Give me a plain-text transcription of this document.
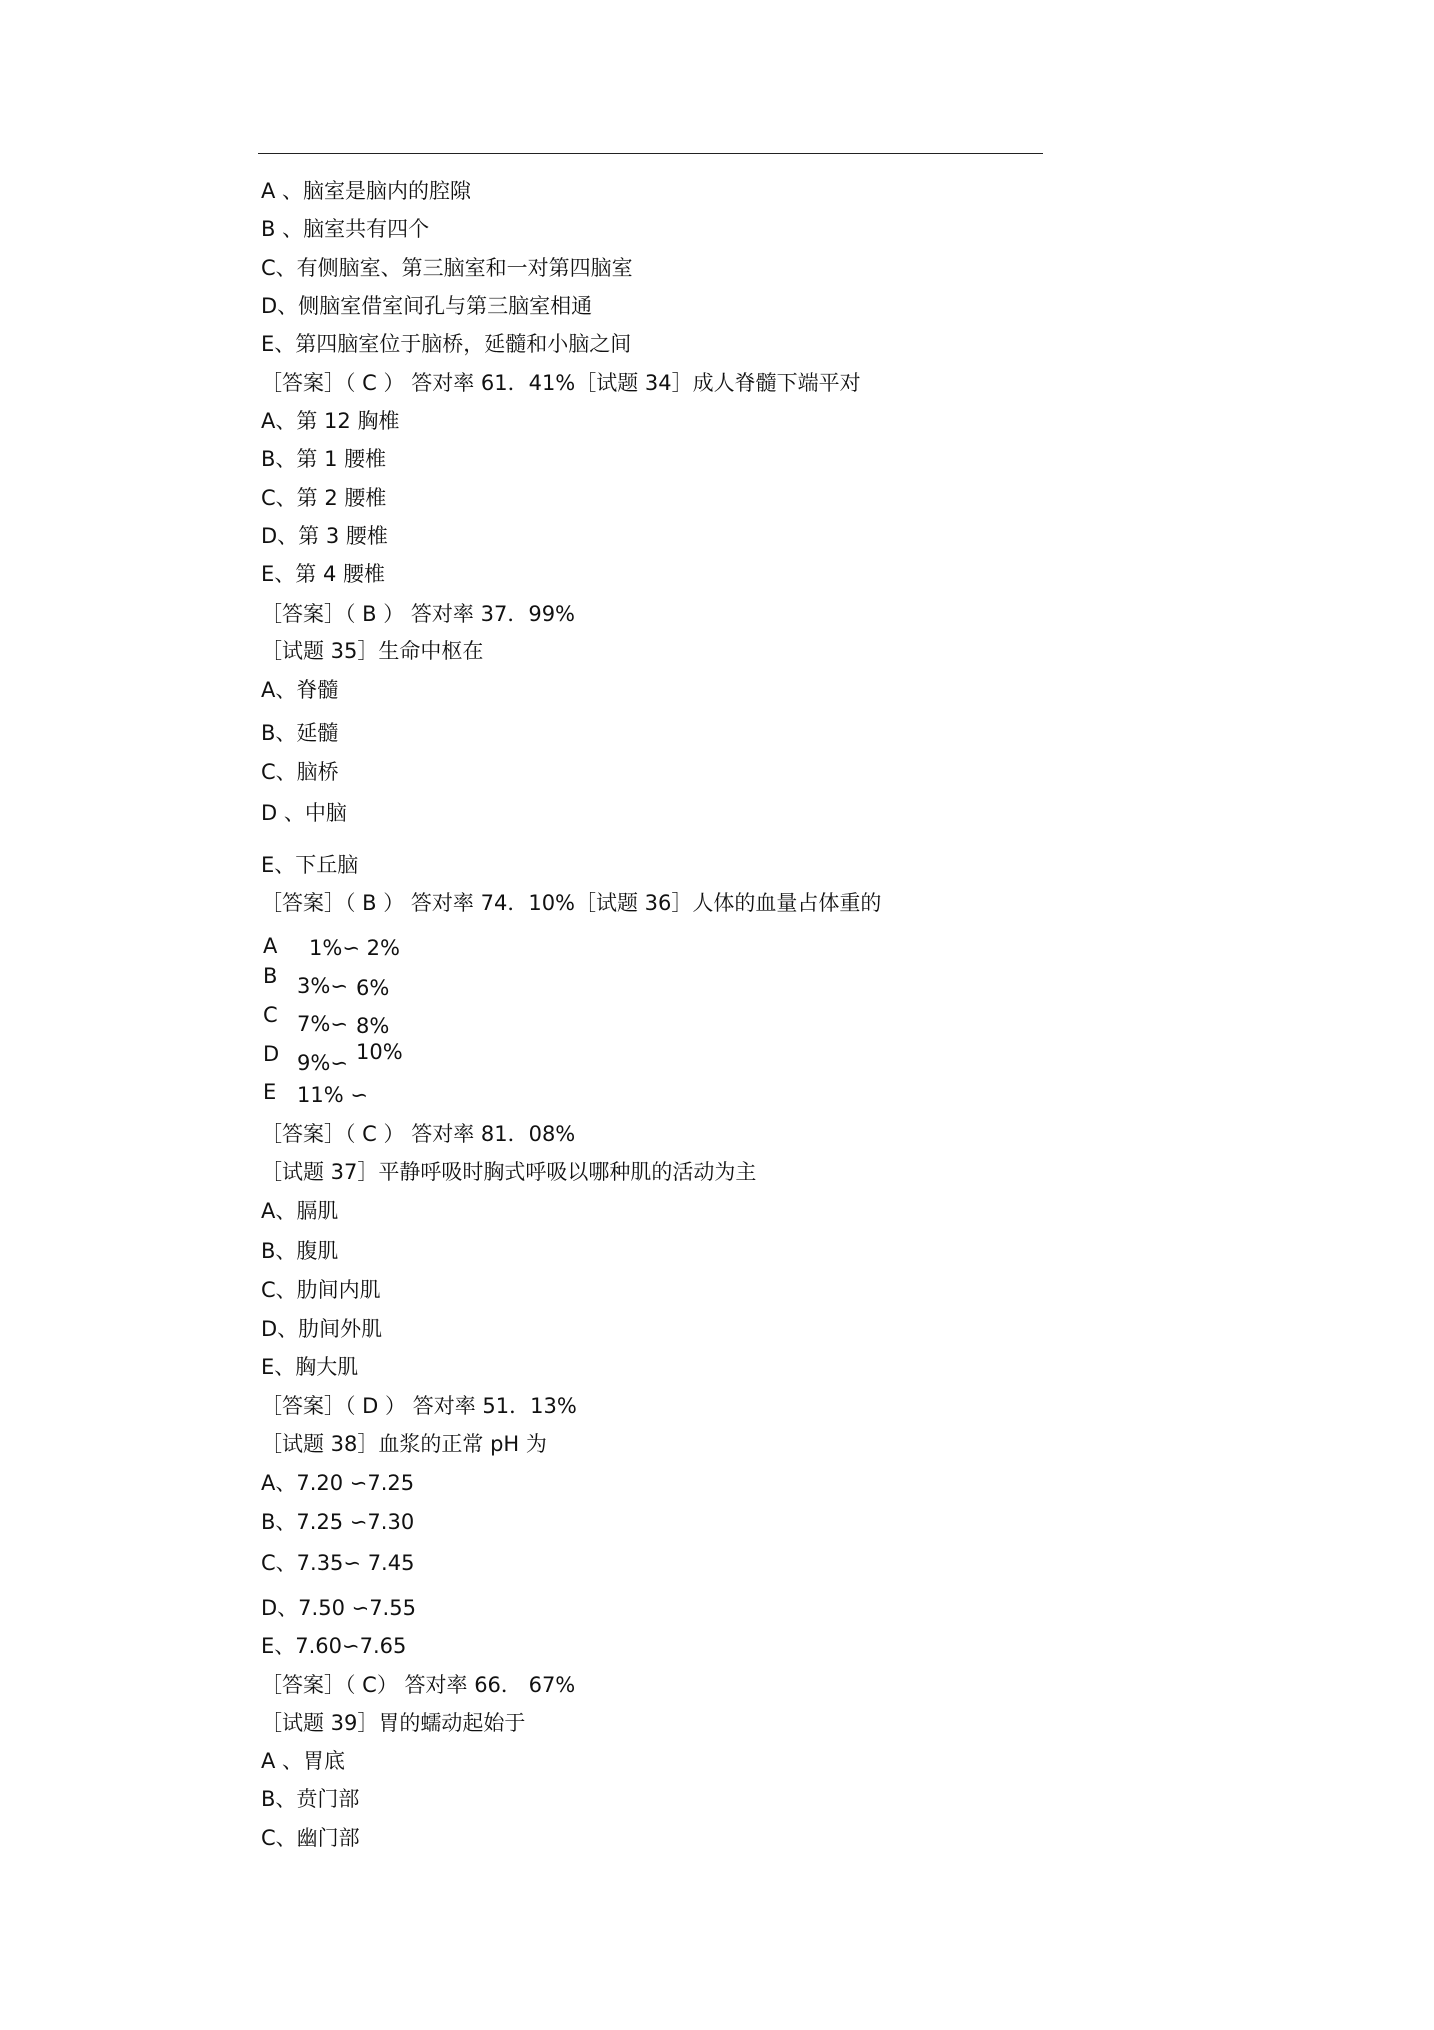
A 、脑室是脑内的腔隙
B 、脑室共有四个
C、有侧脑室、第三脑室和一对第四脑室
D、侧脑室借室间孔与第三脑室相通
E、第四脑室位于脑桥，延髓和小脑之间
［答案］（ C ） 答对率 61．41%［试题 34］成人脊髓下端平对
A、第 12 胸椎
B、第 1 腰椎
C、第 2 腰椎
D、第 3 腰椎
E、第 4 腰椎
［答案］（ B ） 答对率 37．99%
［试题 35］生命中枢在
A、脊髓
B、延髓
C、脑桥
D 、中脑
E、下丘脑
［答案］（ B ） 答对率 74．10%［试题 36］人体的血量占体重的
A 1%∽ 2%
B 3%∽ 6%
C 7%∽ 8%
D 9%∽ 10%
E 11% ∽
［答案］（ C ） 答对率 81．08%
［试题 37］平静呼吸时胸式呼吸以哪种肌的活动为主
A、膈肌
B、腹肌
C、肋间内肌
D、肋间外肌
E、胸大肌
［答案］（ D ） 答对率 51．13%
［试题 38］血浆的正常 pH 为
A、7.20 ∽7.25
B、7.25 ∽7.30
C、7.35∽ 7.45
D、7.50 ∽7.55
E、7.60∽7.65
［答案］（ C） 答对率 66． 67%
［试题 39］胃的蠕动起始于
A 、胃底
B、贲门部
C、幽门部
